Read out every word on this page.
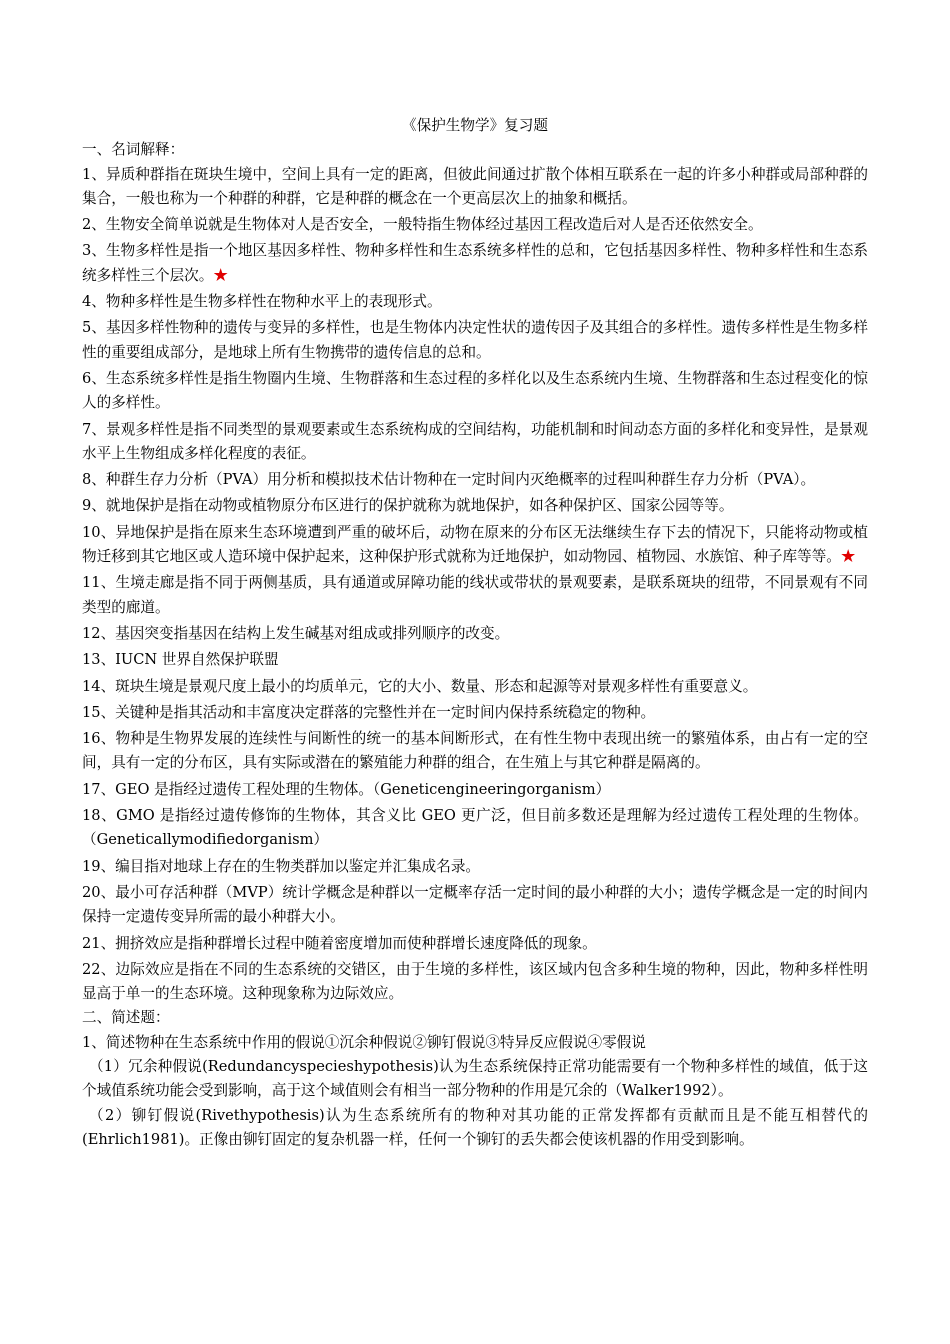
《保护生物学》复习题

一、名词解释：

1、异质种群指在斑块生境中，空间上具有一定的距离，但彼此间通过扩散个体相互联系在一起的许多小种群或局部种群的集合，一般也称为一个种群的种群，它是种群的概念在一个更高层次上的抽象和概括。

2、生物安全简单说就是生物体对人是否安全，一般特指生物体经过基因工程改造后对人是否还依然安全。

3、生物多样性是指一个地区基因多样性、物种多样性和生态系统多样性的总和，它包括基因多样性、物种多样性和生态系统多样性三个层次。★

4、物种多样性是生物多样性在物种水平上的表现形式。

5、基因多样性物种的遗传与变异的多样性，也是生物体内决定性状的遗传因子及其组合的多样性。遗传多样性是生物多样性的重要组成部分，是地球上所有生物携带的遗传信息的总和。

6、生态系统多样性是指生物圈内生境、生物群落和生态过程的多样化以及生态系统内生境、生物群落和生态过程变化的惊人的多样性。

7、景观多样性是指不同类型的景观要素或生态系统构成的空间结构，功能机制和时间动态方面的多样化和变异性，是景观水平上生物组成多样化程度的表征。

8、种群生存力分析（PVA）用分析和模拟技术估计物种在一定时间内灭绝概率的过程叫种群生存力分析（PVA）。

9、就地保护是指在动物或植物原分布区进行的保护就称为就地保护，如各种保护区、国家公园等等。

10、异地保护是指在原来生态环境遭到严重的破坏后，动物在原来的分布区无法继续生存下去的情况下，只能将动物或植物迁移到其它地区或人造环境中保护起来，这种保护形式就称为迁地保护，如动物园、植物园、水族馆、种子库等等。★

11、生境走廊是指不同于两侧基质，具有通道或屏障功能的线状或带状的景观要素，是联系斑块的纽带，不同景观有不同类型的廊道。

12、基因突变指基因在结构上发生碱基对组成或排列顺序的改变。

13、IUCN 世界自然保护联盟

14、斑块生境是景观尺度上最小的均质单元，它的大小、数量、形态和起源等对景观多样性有重要意义。

15、关键种是指其活动和丰富度决定群落的完整性并在一定时间内保持系统稳定的物种。

16、物种是生物界发展的连续性与间断性的统一的基本间断形式，在有性生物中表现出统一的繁殖体系，由占有一定的空间，具有一定的分布区，具有实际或潜在的繁殖能力种群的组合，在生殖上与其它种群是隔离的。

17、GEO 是指经过遗传工程处理的生物体。（Geneticengineeringorganism）

18、GMO 是指经过遗传修饰的生物体，其含义比 GEO 更广泛，但目前多数还是理解为经过遗传工程处理的生物体。（Geneticallymodifiedorganism）

19、编目指对地球上存在的生物类群加以鉴定并汇集成名录。

20、最小可存活种群（MVP）统计学概念是种群以一定概率存活一定时间的最小种群的大小；遗传学概念是一定的时间内保持一定遗传变异所需的最小种群大小。

21、拥挤效应是指种群增长过程中随着密度增加而使种群增长速度降低的现象。

22、边际效应是指在不同的生态系统的交错区，由于生境的多样性，该区域内包含多种生境的物种，因此，物种多样性明显高于单一的生态环境。这种现象称为边际效应。

二、简述题：

1、简述物种在生态系统中作用的假说①沉余种假说②铆钉假说③特异反应假说④零假说

（1）冗余种假说(Redundancyspecieshypothesis)认为生态系统保持正常功能需要有一个物种多样性的域值，低于这个域值系统功能会受到影响，高于这个域值则会有相当一部分物种的作用是冗余的（Walker1992）。

（2）铆钉假说(Rivethypothesis)认为生态系统所有的物种对其功能的正常发挥都有贡献而且是不能互相替代的(Ehrlich1981)。正像由铆钉固定的复杂机器一样，任何一个铆钉的丢失都会使该机器的作用受到影响。
